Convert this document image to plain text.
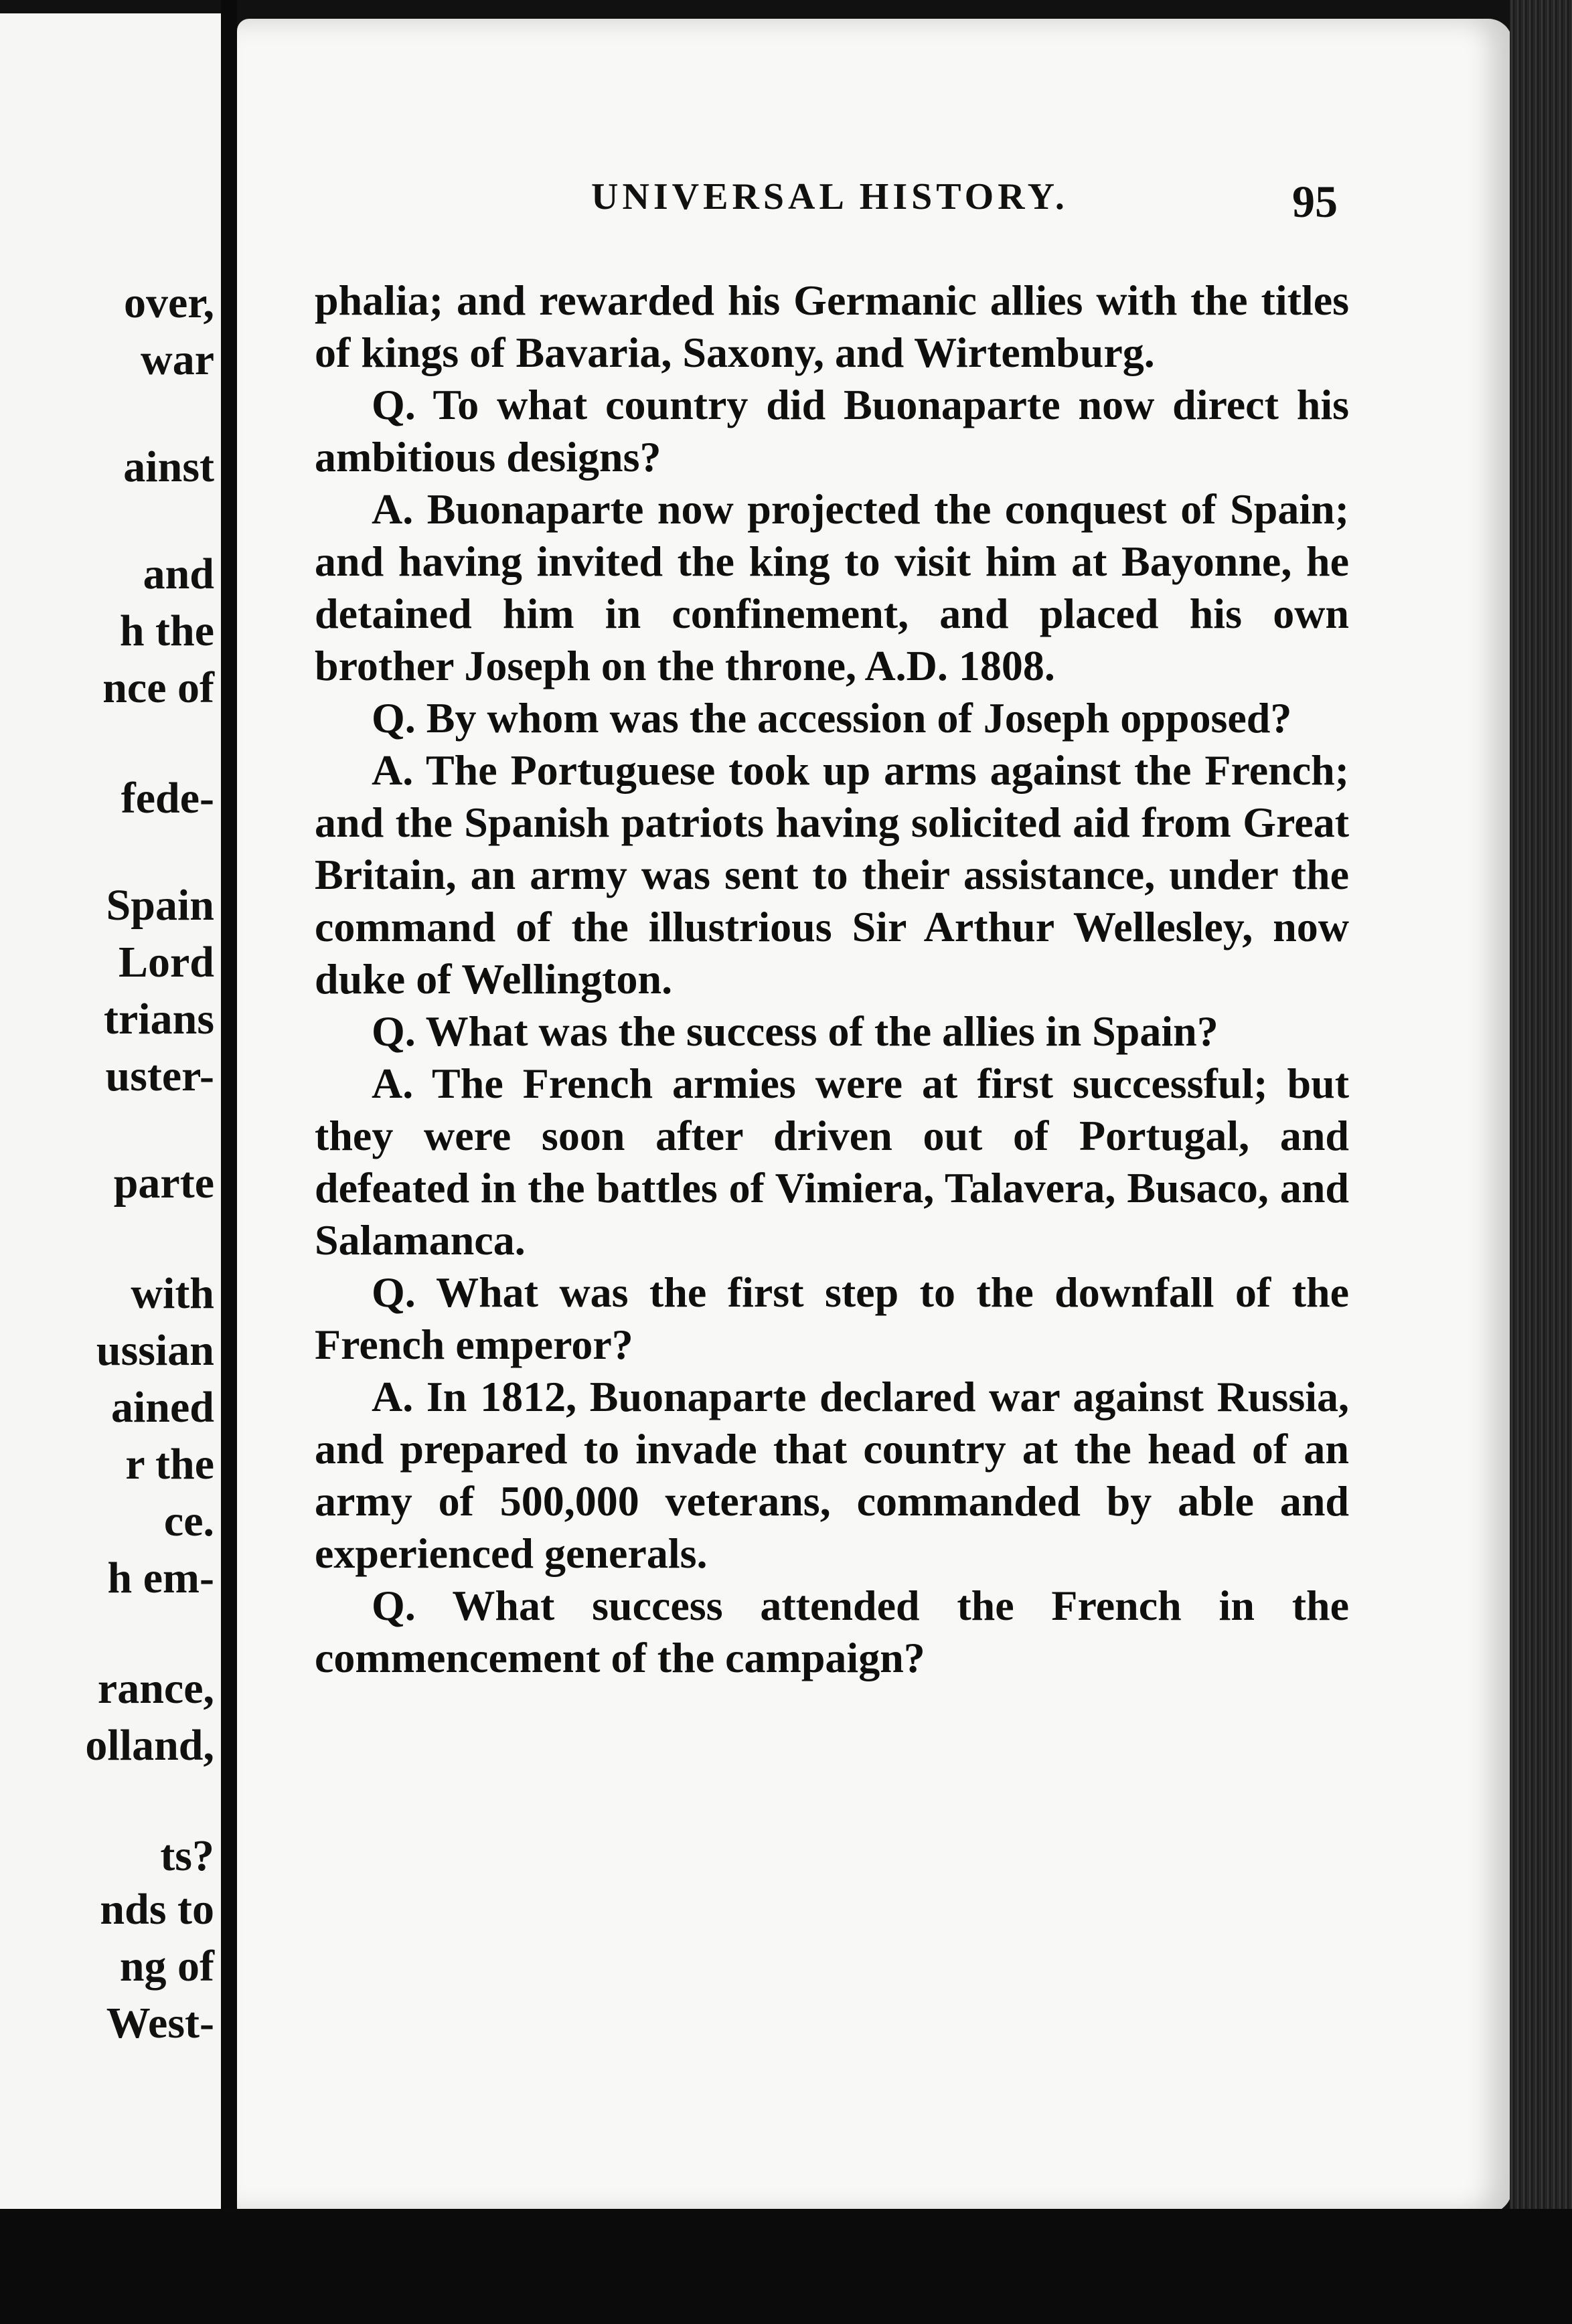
over,
war
ainst
and
h the
nce of
fede-
Spain
Lord
trians
uster-
parte
with
ussian
ained
r the
ce.
h em-
rance,
olland,
ts?
nds to
ng of
West-
UNIVERSAL HISTORY.	95

phalia; and rewarded his Germanic allies with the titles of kings of Bavaria, Saxony, and Wirtemburg.

Q. To what country did Buonaparte now direct his ambitious designs?

A. Buonaparte now projected the conquest of Spain; and having invited the king to visit him at Bayonne, he detained him in confinement, and placed his own brother Joseph on the throne, A.D. 1808.

Q. By whom was the accession of Joseph opposed?

A. The Portuguese took up arms against the French; and the Spanish patriots having solicited aid from Great Britain, an army was sent to their assistance, under the command of the illustrious Sir Arthur Wellesley, now duke of Wellington.

Q. What was the success of the allies in Spain?

A. The French armies were at first successful; but they were soon after driven out of Portugal, and defeated in the battles of Vimiera, Talavera, Busaco, and Salamanca.

Q. What was the first step to the downfall of the French emperor?

A. In 1812, Buonaparte declared war against Russia, and prepared to invade that country at the head of an army of 500,000 veterans, commanded by able and experienced generals.

Q. What success attended the French in the commencement of the campaign?
